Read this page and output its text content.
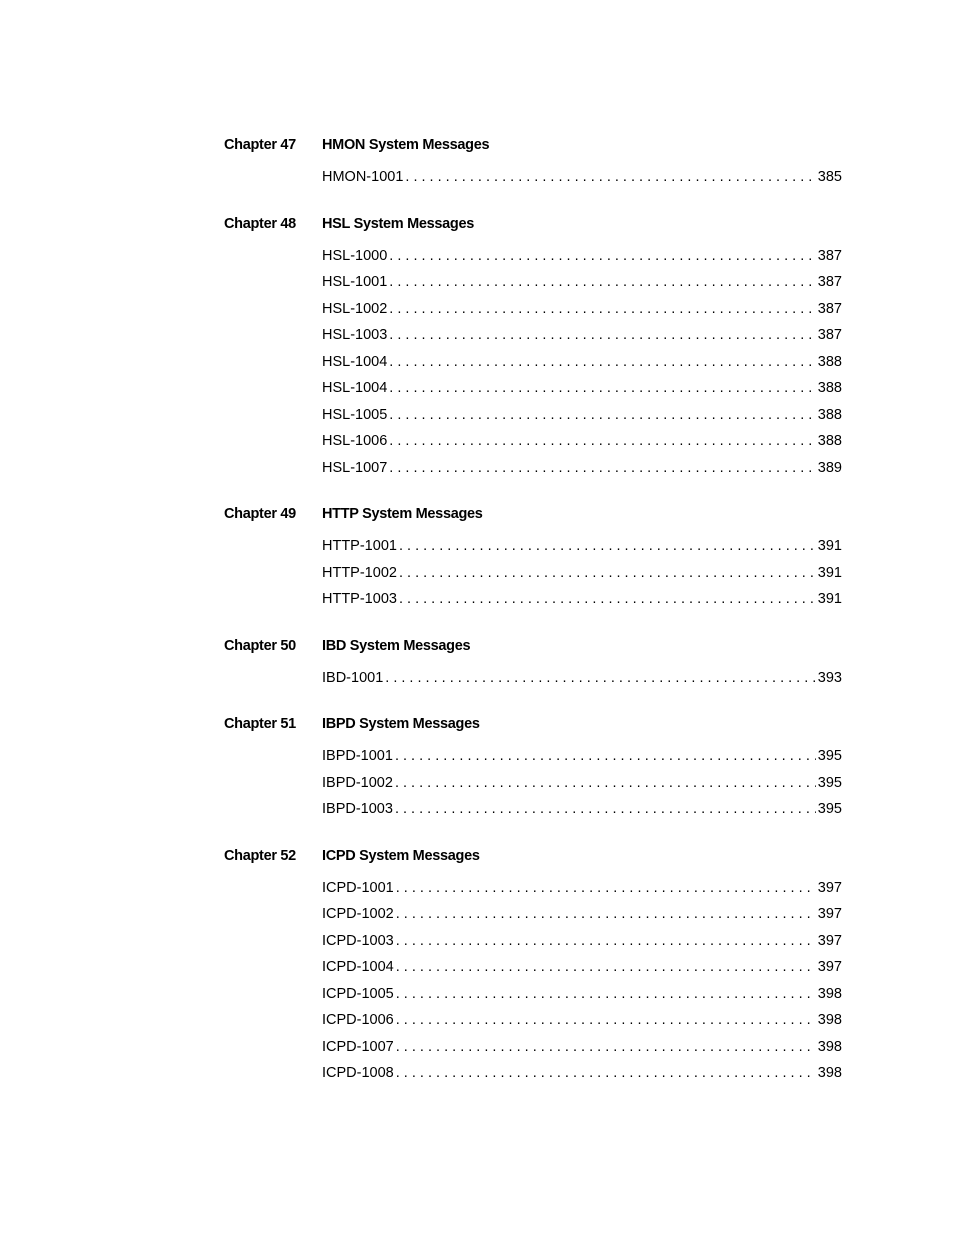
Chapter 47 HMON System Messages
HMON-1001 . . .	385
Chapter 48 HSL System Messages
HSL-1000 . . .	387
HSL-1001 . . .	387
HSL-1002 . . .	387
HSL-1003 . . .	387
HSL-1004 . . .	388
HSL-1004 . . .	388
HSL-1005 . . .	388
HSL-1006 . . .	388
HSL-1007 . . .	389
Chapter 49 HTTP System Messages
HTTP-1001 . . .	391
HTTP-1002 . . .	391
HTTP-1003 . . .	391
Chapter 50 IBD System Messages
IBD-1001 . . .	393
Chapter 51 IBPD System Messages
IBPD-1001 . . .	395
IBPD-1002 . . .	395
IBPD-1003 . . .	395
Chapter 52 ICPD System Messages
ICPD-1001 . . .	397
ICPD-1002 . . .	397
ICPD-1003 . . .	397
ICPD-1004 . . .	397
ICPD-1005 . . .	398
ICPD-1006 . . .	398
ICPD-1007 . . .	398
ICPD-1008 . . .	398
